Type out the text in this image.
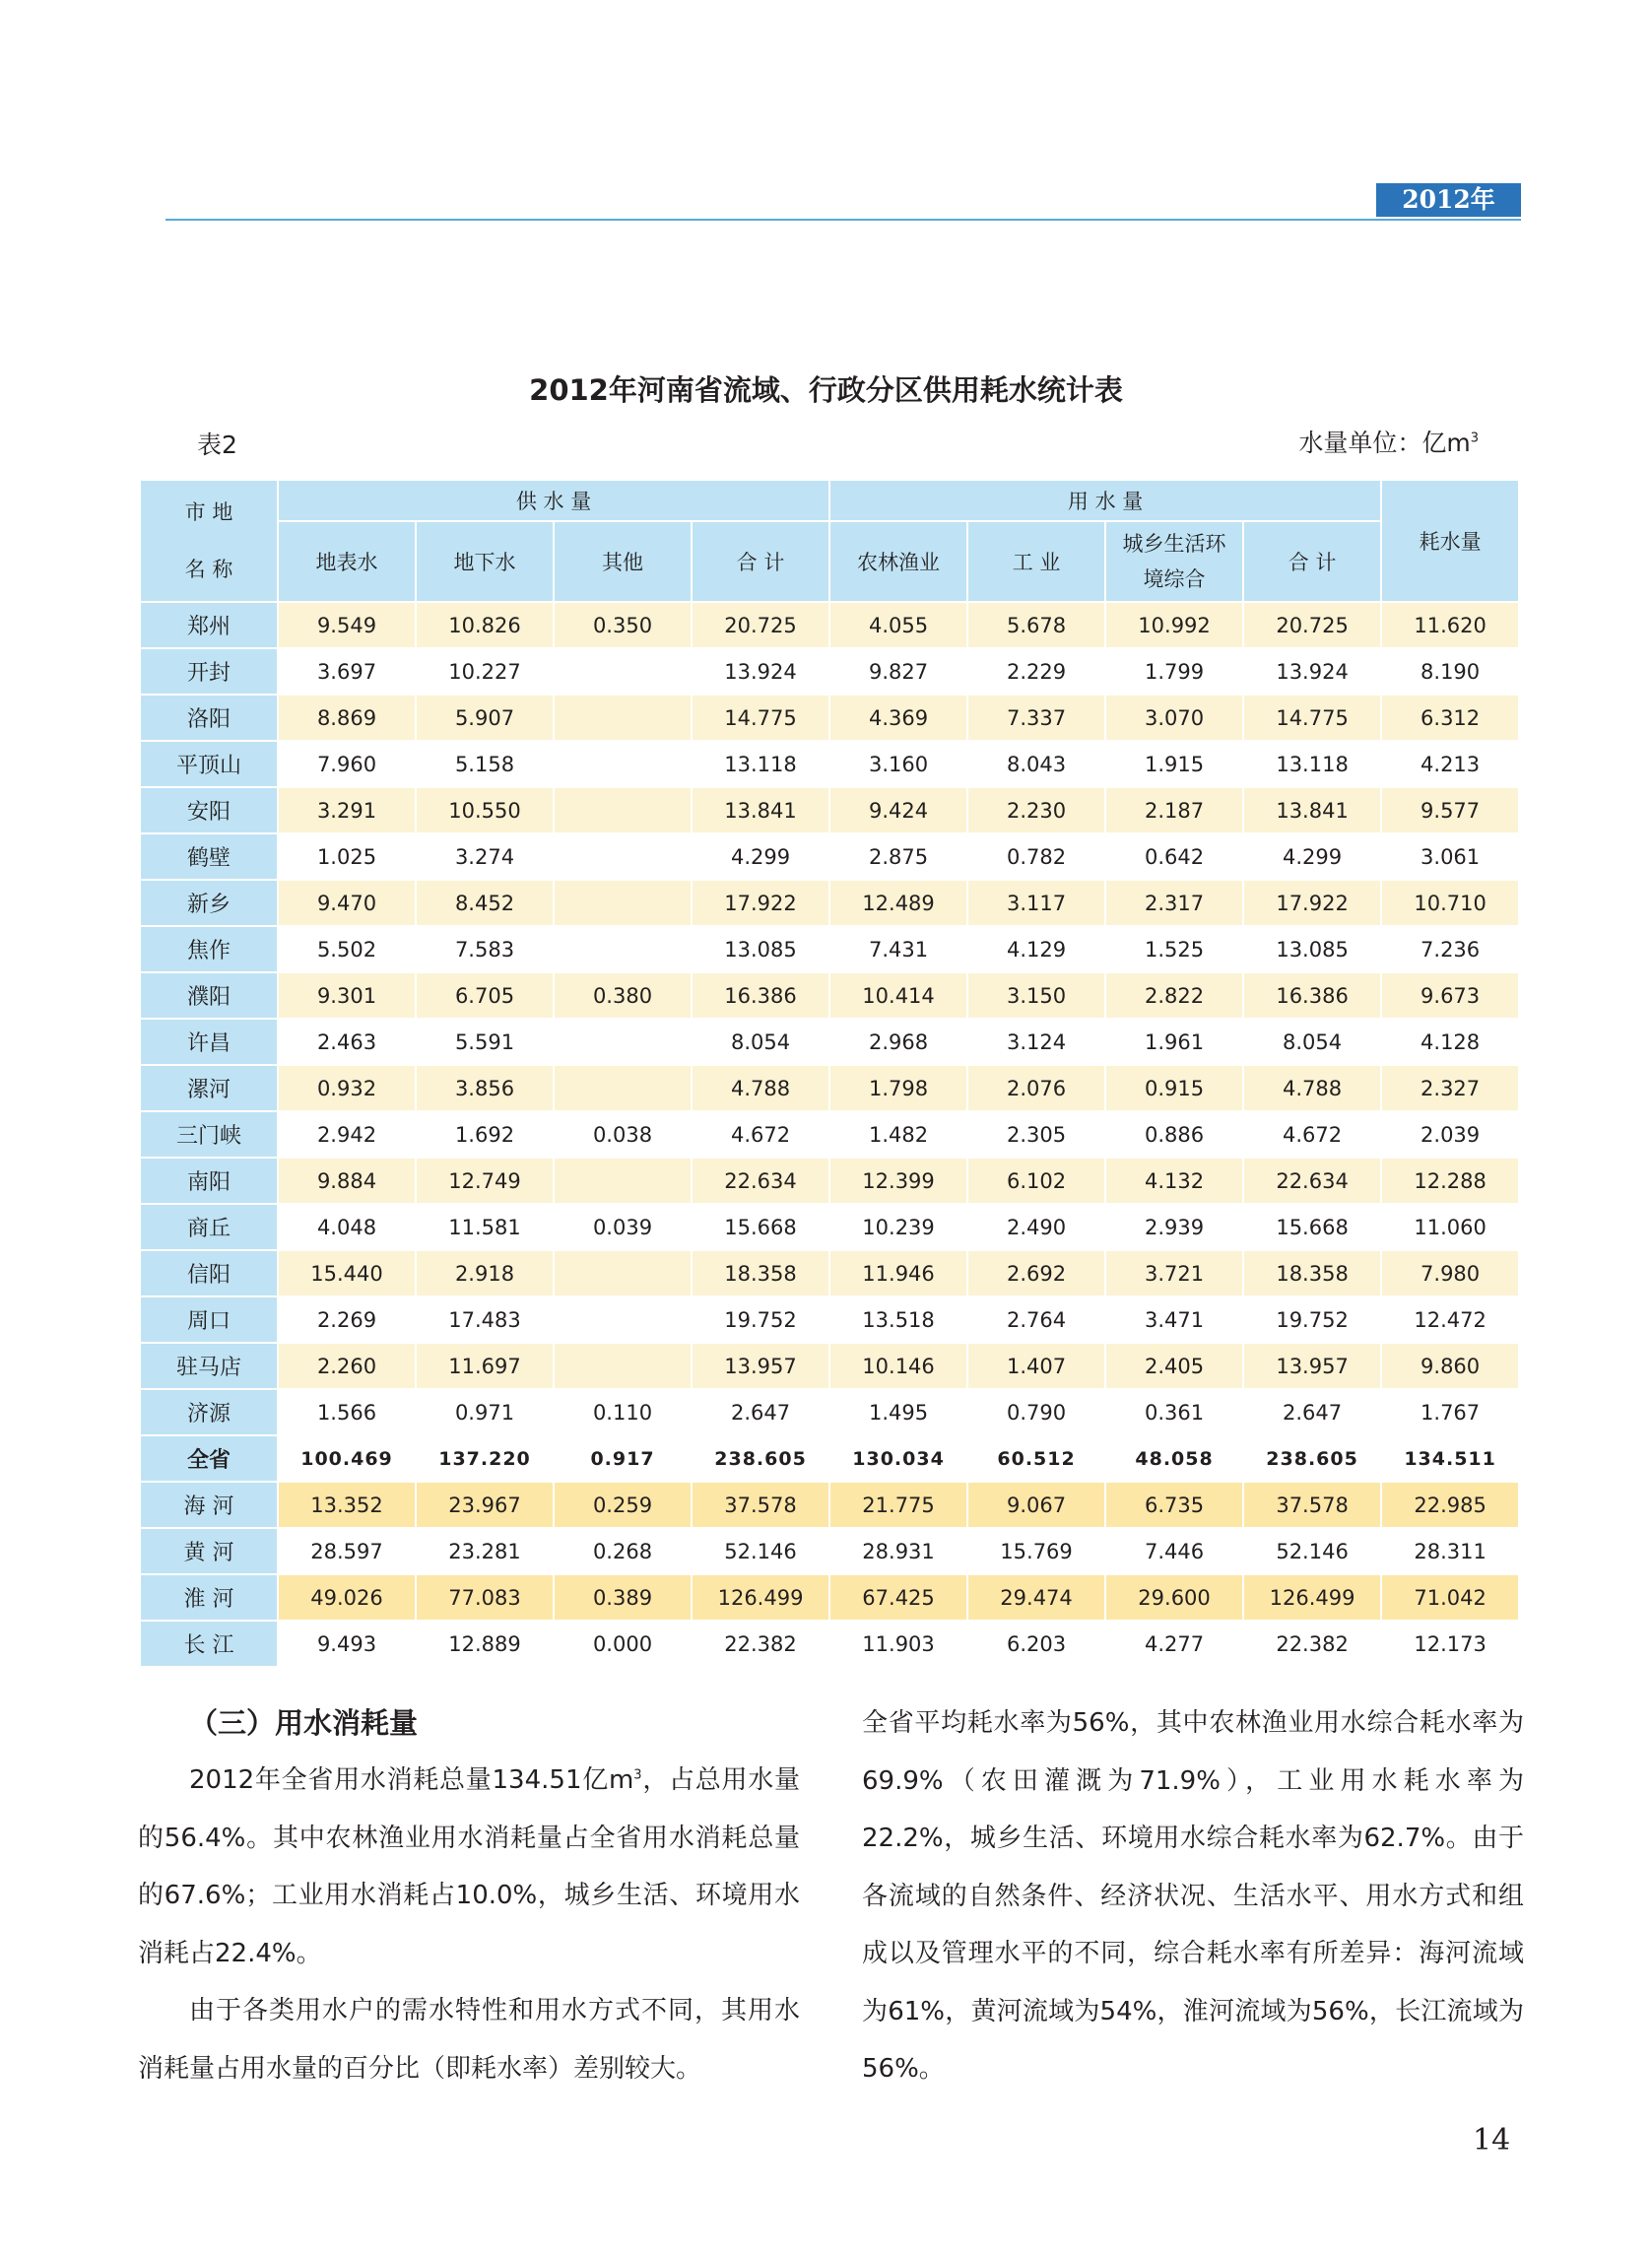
2012年
2012年河南省流域、行政分区供用耗水统计表
表2	水量单位：亿$m^3$
市 地
名 称	供 水 量				用 水 量				耗水量
	地表水	地下水	其他	合 计	农林渔业	工 业	城乡生活环境综合	合 计	
郑州	9.549	10.826	0.350	20.725	4.055	5.678	10.992	20.725	11.620
开封	3.697	10.227		13.924	9.827	2.229	1.799	13.924	8.190
洛阳	8.869	5.907		14.775	4.369	7.337	3.070	14.775	6.312
平顶山	7.960	5.158		13.118	3.160	8.043	1.915	13.118	4.213
安阳	3.291	10.550		13.841	9.424	2.230	2.187	13.841	9.577
鹤壁	1.025	3.274		4.299	2.875	0.782	0.642	4.299	3.061
新乡	9.470	8.452		17.922	12.489	3.117	2.317	17.922	10.710
焦作	5.502	7.583		13.085	7.431	4.129	1.525	13.085	7.236
濮阳	9.301	6.705	0.380	16.386	10.414	3.150	2.822	16.386	9.673
许昌	2.463	5.591		8.054	2.968	3.124	1.961	8.054	4.128
漯河	0.932	3.856		4.788	1.798	2.076	0.915	4.788	2.327
三门峡	2.942	1.692	0.038	4.672	1.482	2.305	0.886	4.672	2.039
南阳	9.884	12.749		22.634	12.399	6.102	4.132	22.634	12.288
商丘	4.048	11.581	0.039	15.668	10.239	2.490	2.939	15.668	11.060
信阳	15.440	2.918		18.358	11.946	2.692	3.721	18.358	7.980
周口	2.269	17.483		19.752	13.518	2.764	3.471	19.752	12.472
驻马店	2.260	11.697		13.957	10.146	1.407	2.405	13.957	9.860
济源	1.566	0.971	0.110	2.647	1.495	0.790	0.361	2.647	1.767
全省	100.469	137.220	0.917	238.605	130.034	60.512	48.058	238.605	134.511
海 河	13.352	23.967	0.259	37.578	21.775	9.067	6.735	37.578	22.985
黄 河	28.597	23.281	0.268	52.146	28.931	15.769	7.446	52.146	28.311
淮 河	49.026	77.083	0.389	126.499	67.425	29.474	29.600	126.499	71.042
长 江	9.493	12.889	0.000	22.382	11.903	6.203	4.277	22.382	12.173

（三）用水消耗量

2012年全省用水消耗总量134.51亿$m^3$，占总用水量的56.4%。其中农林渔业用水消耗量占全省用水消耗总量的67.6%；工业用水消耗占10.0%，城乡生活、环境用水消耗占22.4%。

由于各类用水户的需水特性和用水方式不同，其用水消耗量占用水量的百分比（即耗水率）差别较大。

全省平均耗水率为56%，其中农林渔业用水综合耗水率为69.9%（农田灌溉为71.9%），工业用水耗水率为22.2%，城乡生活、环境用水综合耗水率为62.7%。由于各流域的自然条件、经济状况、生活水平、用水方式和组成以及管理水平的不同，综合耗水率有所差异：海河流域为61%，黄河流域为54%，淮河流域为56%，长江流域为56%。

14
